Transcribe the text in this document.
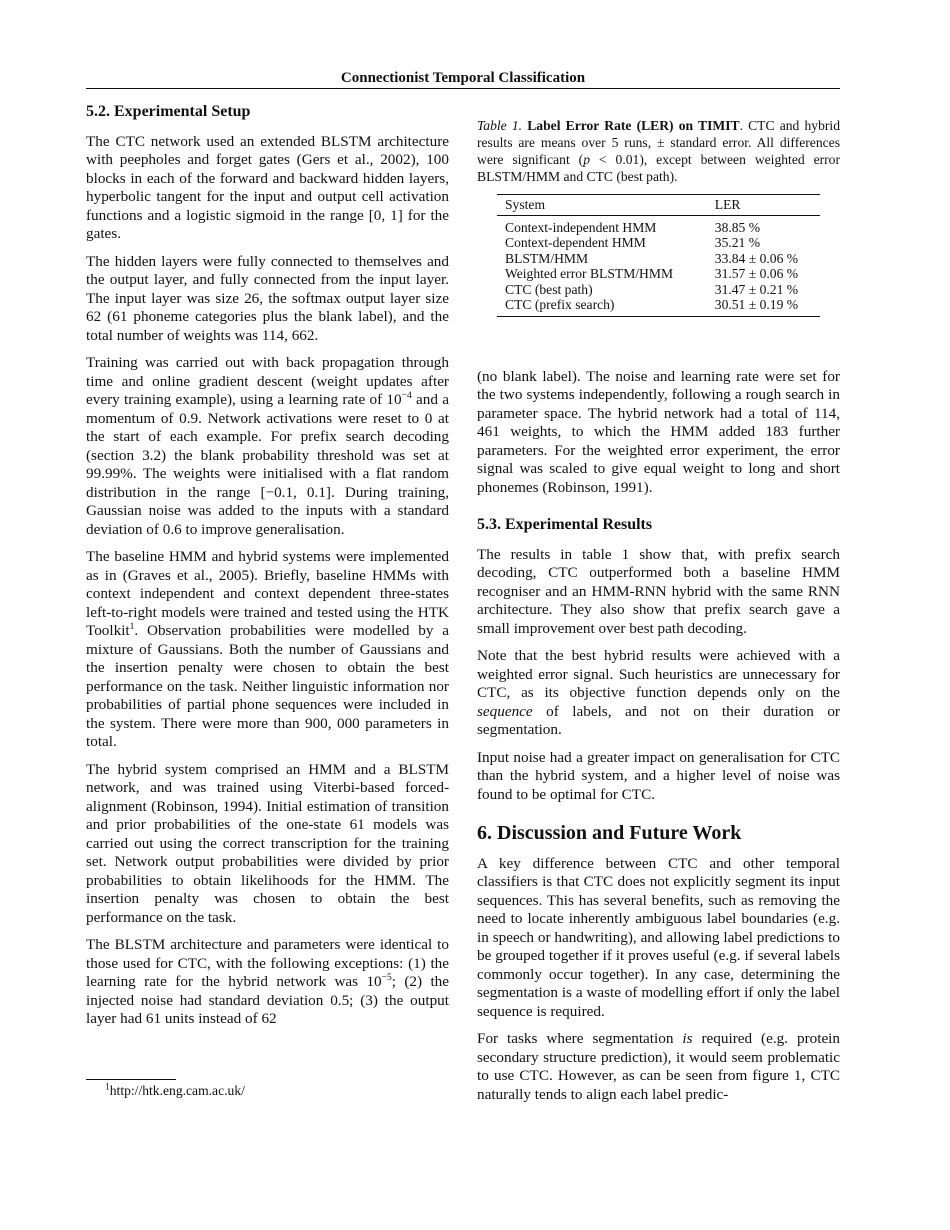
Connectionist Temporal Classification
5.2. Experimental Setup

The CTC network used an extended BLSTM architecture with peepholes and forget gates (Gers et al., 2002), 100 blocks in each of the forward and backward hidden layers, hyperbolic tangent for the input and output cell activation functions and a logistic sigmoid in the range [0, 1] for the gates.

The hidden layers were fully connected to themselves and the output layer, and fully connected from the input layer. The input layer was size 26, the softmax output layer size 62 (61 phoneme categories plus the blank label), and the total number of weights was 114, 662.

Training was carried out with back propagation through time and online gradient descent (weight updates after every training example), using a learning rate of $10^{-4}$ and a momentum of 0.9. Network activations were reset to 0 at the start of each example. For prefix search decoding (section 3.2) the blank probability threshold was set at 99.99%. The weights were initialised with a flat random distribution in the range [−0.1, 0.1]. During training, Gaussian noise was added to the inputs with a standard deviation of 0.6 to improve generalisation.

The baseline HMM and hybrid systems were implemented as in (Graves et al., 2005). Briefly, baseline HMMs with context independent and context dependent three-states left-to-right models were trained and tested using the HTK Toolkit$^1$. Observation probabilities were modelled by a mixture of Gaussians. Both the number of Gaussians and the insertion penalty were chosen to obtain the best performance on the task. Neither linguistic information nor probabilities of partial phone sequences were included in the system. There were more than 900, 000 parameters in total.

The hybrid system comprised an HMM and a BLSTM network, and was trained using Viterbi-based forced-alignment (Robinson, 1994). Initial estimation of transition and prior probabilities of the one-state 61 models was carried out using the correct transcription for the training set. Network output probabilities were divided by prior probabilities to obtain likelihoods for the HMM. The insertion penalty was chosen to obtain the best performance on the task.

The BLSTM architecture and parameters were identical to those used for CTC, with the following exceptions: (1) the learning rate for the hybrid network was $10^{-5}$; (2) the injected noise had standard deviation 0.5; (3) the output layer had 61 units instead of 62

$^1$http://htk.eng.cam.ac.uk/
Table 1. Label Error Rate (LER) on TIMIT. CTC and hybrid results are means over 5 runs, ± standard error. All differences were significant (p < 0.01), except between weighted error BLSTM/HMM and CTC (best path).
System	LER
Context-independent HMM	38.85 %
Context-dependent HMM	35.21 %
BLSTM/HMM	33.84 ± 0.06 %
Weighted error BLSTM/HMM	31.57 ± 0.06 %
CTC (best path)	31.47 ± 0.21 %
CTC (prefix search)	30.51 ± 0.19 %

(no blank label). The noise and learning rate were set for the two systems independently, following a rough search in parameter space. The hybrid network had a total of 114, 461 weights, to which the HMM added 183 further parameters. For the weighted error experiment, the error signal was scaled to give equal weight to long and short phonemes (Robinson, 1991).

5.3. Experimental Results

The results in table 1 show that, with prefix search decoding, CTC outperformed both a baseline HMM recogniser and an HMM-RNN hybrid with the same RNN architecture. They also show that prefix search gave a small improvement over best path decoding.

Note that the best hybrid results were achieved with a weighted error signal. Such heuristics are unnecessary for CTC, as its objective function depends only on the sequence of labels, and not on their duration or segmentation.

Input noise had a greater impact on generalisation for CTC than the hybrid system, and a higher level of noise was found to be optimal for CTC.

6. Discussion and Future Work

A key difference between CTC and other temporal classifiers is that CTC does not explicitly segment its input sequences. This has several benefits, such as removing the need to locate inherently ambiguous label boundaries (e.g. in speech or handwriting), and allowing label predictions to be grouped together if it proves useful (e.g. if several labels commonly occur together). In any case, determining the segmentation is a waste of modelling effort if only the label sequence is required.

For tasks where segmentation is required (e.g. protein secondary structure prediction), it would seem problematic to use CTC. However, as can be seen from figure 1, CTC naturally tends to align each label predic-
